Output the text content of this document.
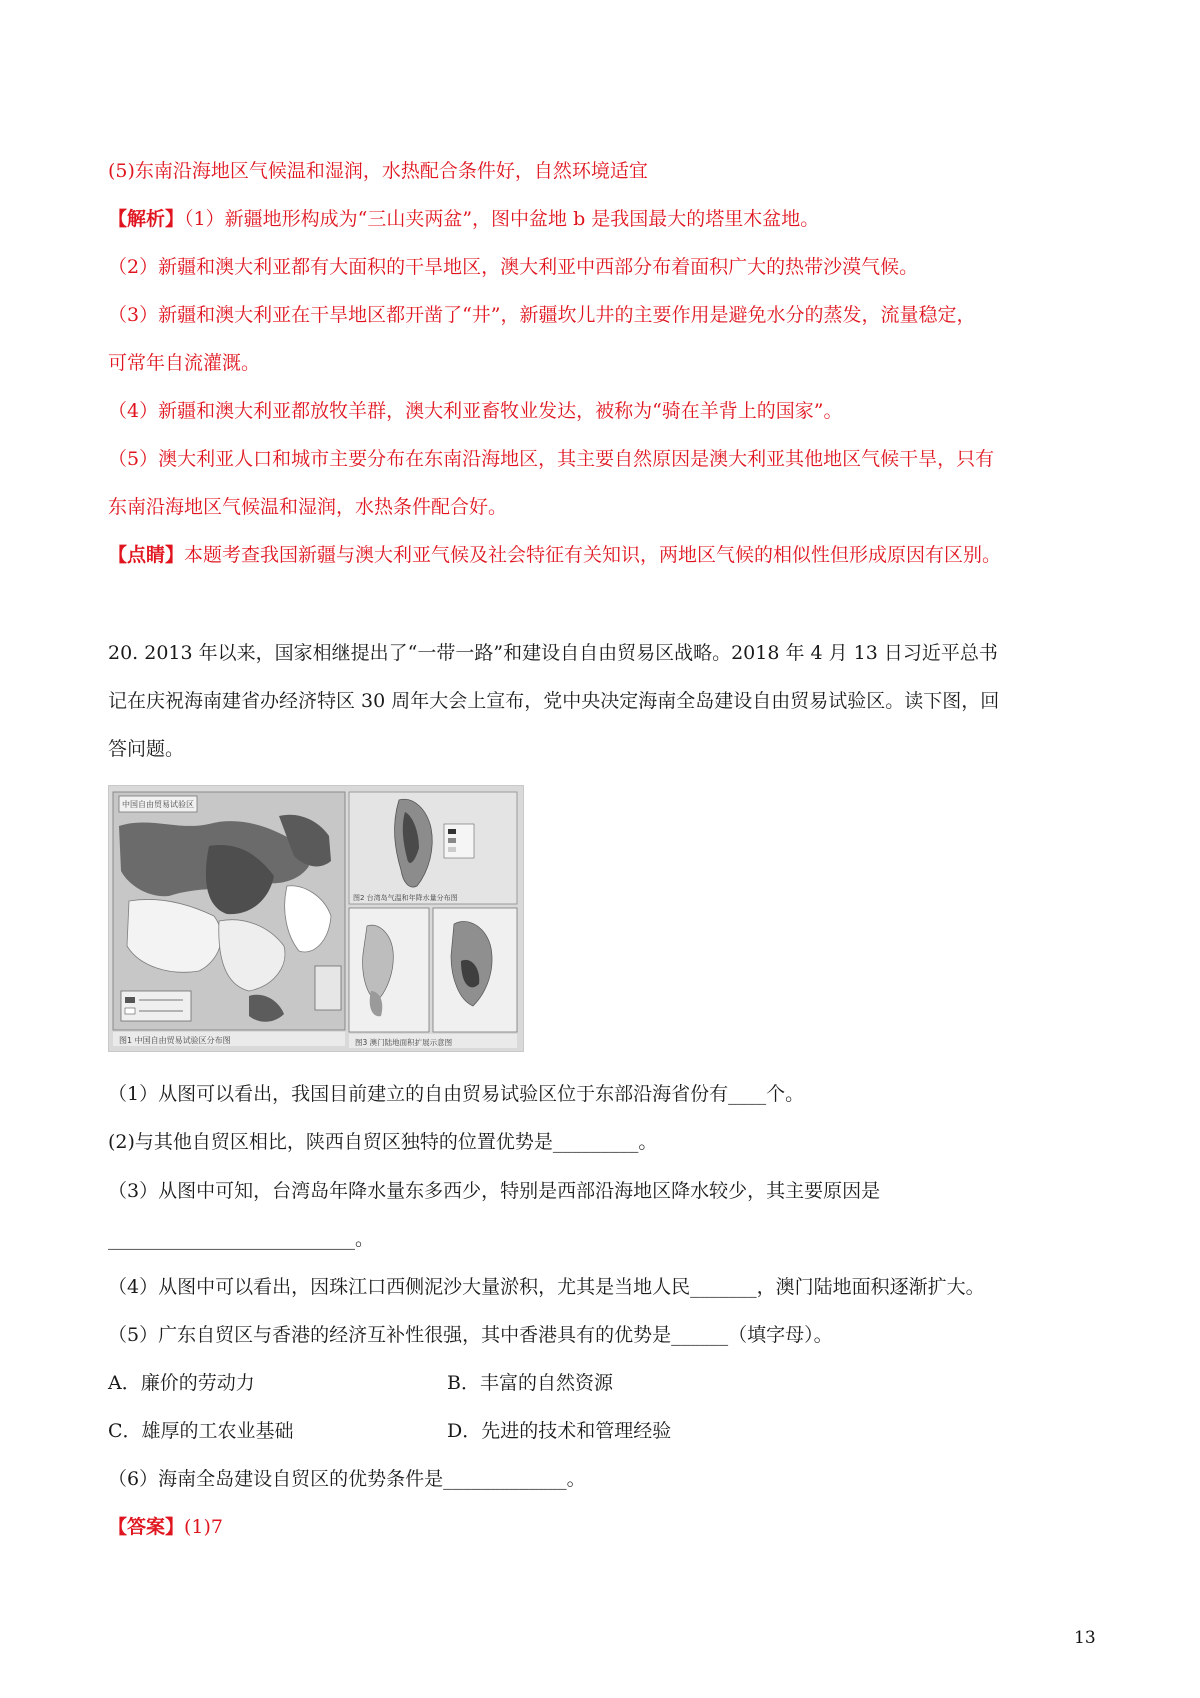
(5)东南沿海地区气候温和湿润，水热配合条件好，自然环境适宜
【解析】（1）新疆地形构成为“三山夹两盆”，图中盆地 b 是我国最大的塔里木盆地。
（2）新疆和澳大利亚都有大面积的干旱地区，澳大利亚中西部分布着面积广大的热带沙漠气候。
（3）新疆和澳大利亚在干旱地区都开凿了“井”，新疆坎儿井的主要作用是避免水分的蒸发，流量稳定，
可常年自流灌溉。
（4）新疆和澳大利亚都放牧羊群，澳大利亚畜牧业发达，被称为“骑在羊背上的国家”。
（5）澳大利亚人口和城市主要分布在东南沿海地区，其主要自然原因是澳大利亚其他地区气候干旱，只有
东南沿海地区气候温和湿润，水热条件配合好。
【点睛】本题考查我国新疆与澳大利亚气候及社会特征有关知识，两地区气候的相似性但形成原因有区别。
20. 2013 年以来，国家相继提出了“一带一路”和建设自自由贸易区战略。2018 年 4 月 13 日习近平总书
记在庆祝海南建省办经济特区 30 周年大会上宣布，党中央决定海南全岛建设自由贸易试验区。读下图，回
答问题。
图1 中国自由贸易试验区分布图
中国自由贸易试验区
图2 台湾岛气温和年降水量分布图
图3 澳门陆地面积扩展示意图
（1）从图可以看出，我国目前建立的自由贸易试验区位于东部沿海省份有____个。
(2)与其他自贸区相比，陕西自贸区独特的位置优势是_________。
（3）从图中可知，台湾岛年降水量东多西少，特别是西部沿海地区降水较少，其主要原因是
__________________________。
（4）从图中可以看出，因珠江口西侧泥沙大量淤积，尤其是当地人民_______，澳门陆地面积逐渐扩大。
（5）广东自贸区与香港的经济互补性很强，其中香港具有的优势是______（填字母）。
A．廉价的劳动力	B．丰富的自然资源
C．雄厚的工农业基础	D．先进的技术和管理经验
（6）海南全岛建设自贸区的优势条件是_____________。
【答案】(1)7
13
